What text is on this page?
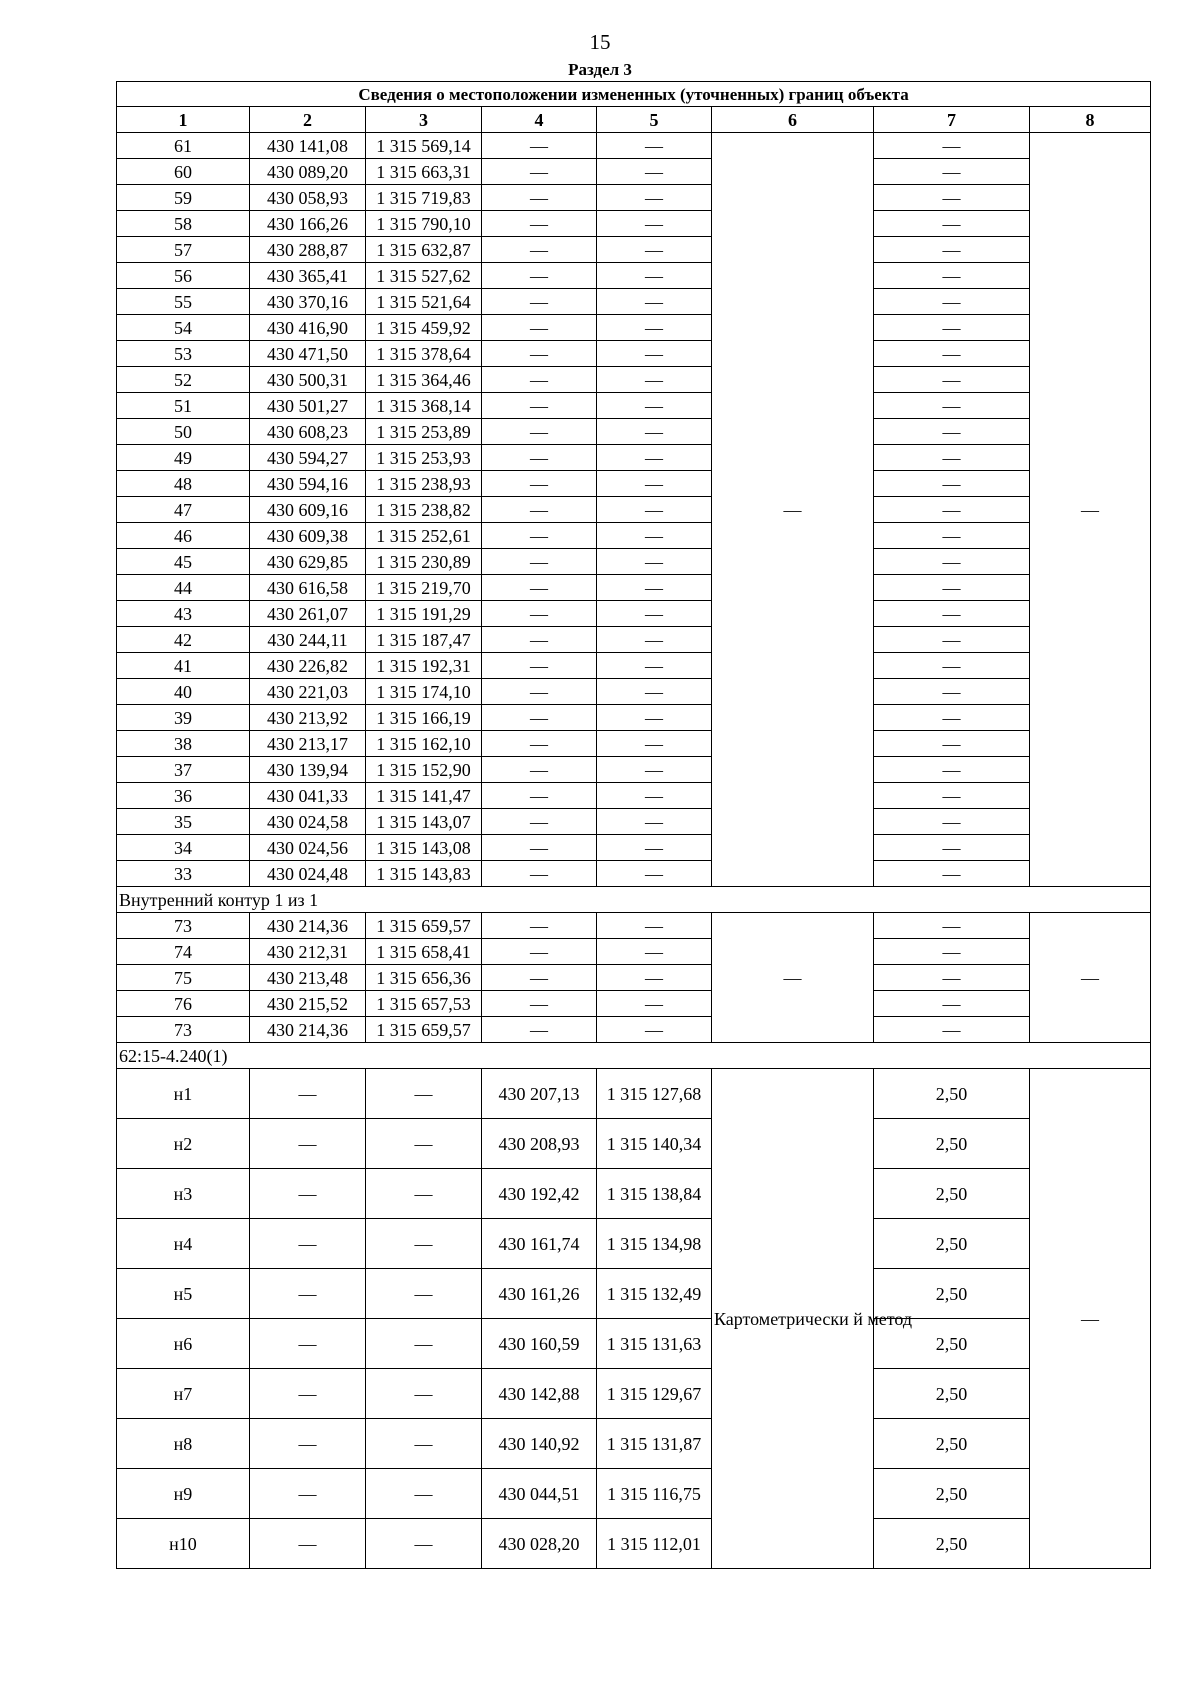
15
Раздел 3
Сведения о местоположении измененных (уточненных) границ объекта							
1	2	3	4	5	6	7	8
61	430 141,08	1 315 569,14	—	—	—	—	—
60	430 089,20	1 315 663,31	—	—		—	
59	430 058,93	1 315 719,83	—	—		—	
58	430 166,26	1 315 790,10	—	—		—	
57	430 288,87	1 315 632,87	—	—		—	
56	430 365,41	1 315 527,62	—	—		—	
55	430 370,16	1 315 521,64	—	—		—	
54	430 416,90	1 315 459,92	—	—		—	
53	430 471,50	1 315 378,64	—	—		—	
52	430 500,31	1 315 364,46	—	—		—	
51	430 501,27	1 315 368,14	—	—		—	
50	430 608,23	1 315 253,89	—	—		—	
49	430 594,27	1 315 253,93	—	—		—	
48	430 594,16	1 315 238,93	—	—		—	
47	430 609,16	1 315 238,82	—	—		—	
46	430 609,38	1 315 252,61	—	—		—	
45	430 629,85	1 315 230,89	—	—		—	
44	430 616,58	1 315 219,70	—	—		—	
43	430 261,07	1 315 191,29	—	—		—	
42	430 244,11	1 315 187,47	—	—		—	
41	430 226,82	1 315 192,31	—	—		—	
40	430 221,03	1 315 174,10	—	—		—	
39	430 213,92	1 315 166,19	—	—		—	
38	430 213,17	1 315 162,10	—	—		—	
37	430 139,94	1 315 152,90	—	—		—	
36	430 041,33	1 315 141,47	—	—		—	
35	430 024,58	1 315 143,07	—	—		—	
34	430 024,56	1 315 143,08	—	—		—	
33	430 024,48	1 315 143,83	—	—		—	
Внутренний контур 1 из 1							
73	430 214,36	1 315 659,57	—	—	—	—	—
74	430 212,31	1 315 658,41	—	—		—	
75	430 213,48	1 315 656,36	—	—		—	
76	430 215,52	1 315 657,53	—	—		—	
73	430 214,36	1 315 659,57	—	—		—	
62:15-4.240(1)							
н1	—	—	430 207,13	1 315 127,68	Картометрически й метод	2,50	—
н2	—	—	430 208,93	1 315 140,34		2,50	
н3	—	—	430 192,42	1 315 138,84		2,50	
н4	—	—	430 161,74	1 315 134,98		2,50	
н5	—	—	430 161,26	1 315 132,49		2,50	
н6	—	—	430 160,59	1 315 131,63		2,50	
н7	—	—	430 142,88	1 315 129,67		2,50	
н8	—	—	430 140,92	1 315 131,87		2,50	
н9	—	—	430 044,51	1 315 116,75		2,50	
н10	—	—	430 028,20	1 315 112,01		2,50	
